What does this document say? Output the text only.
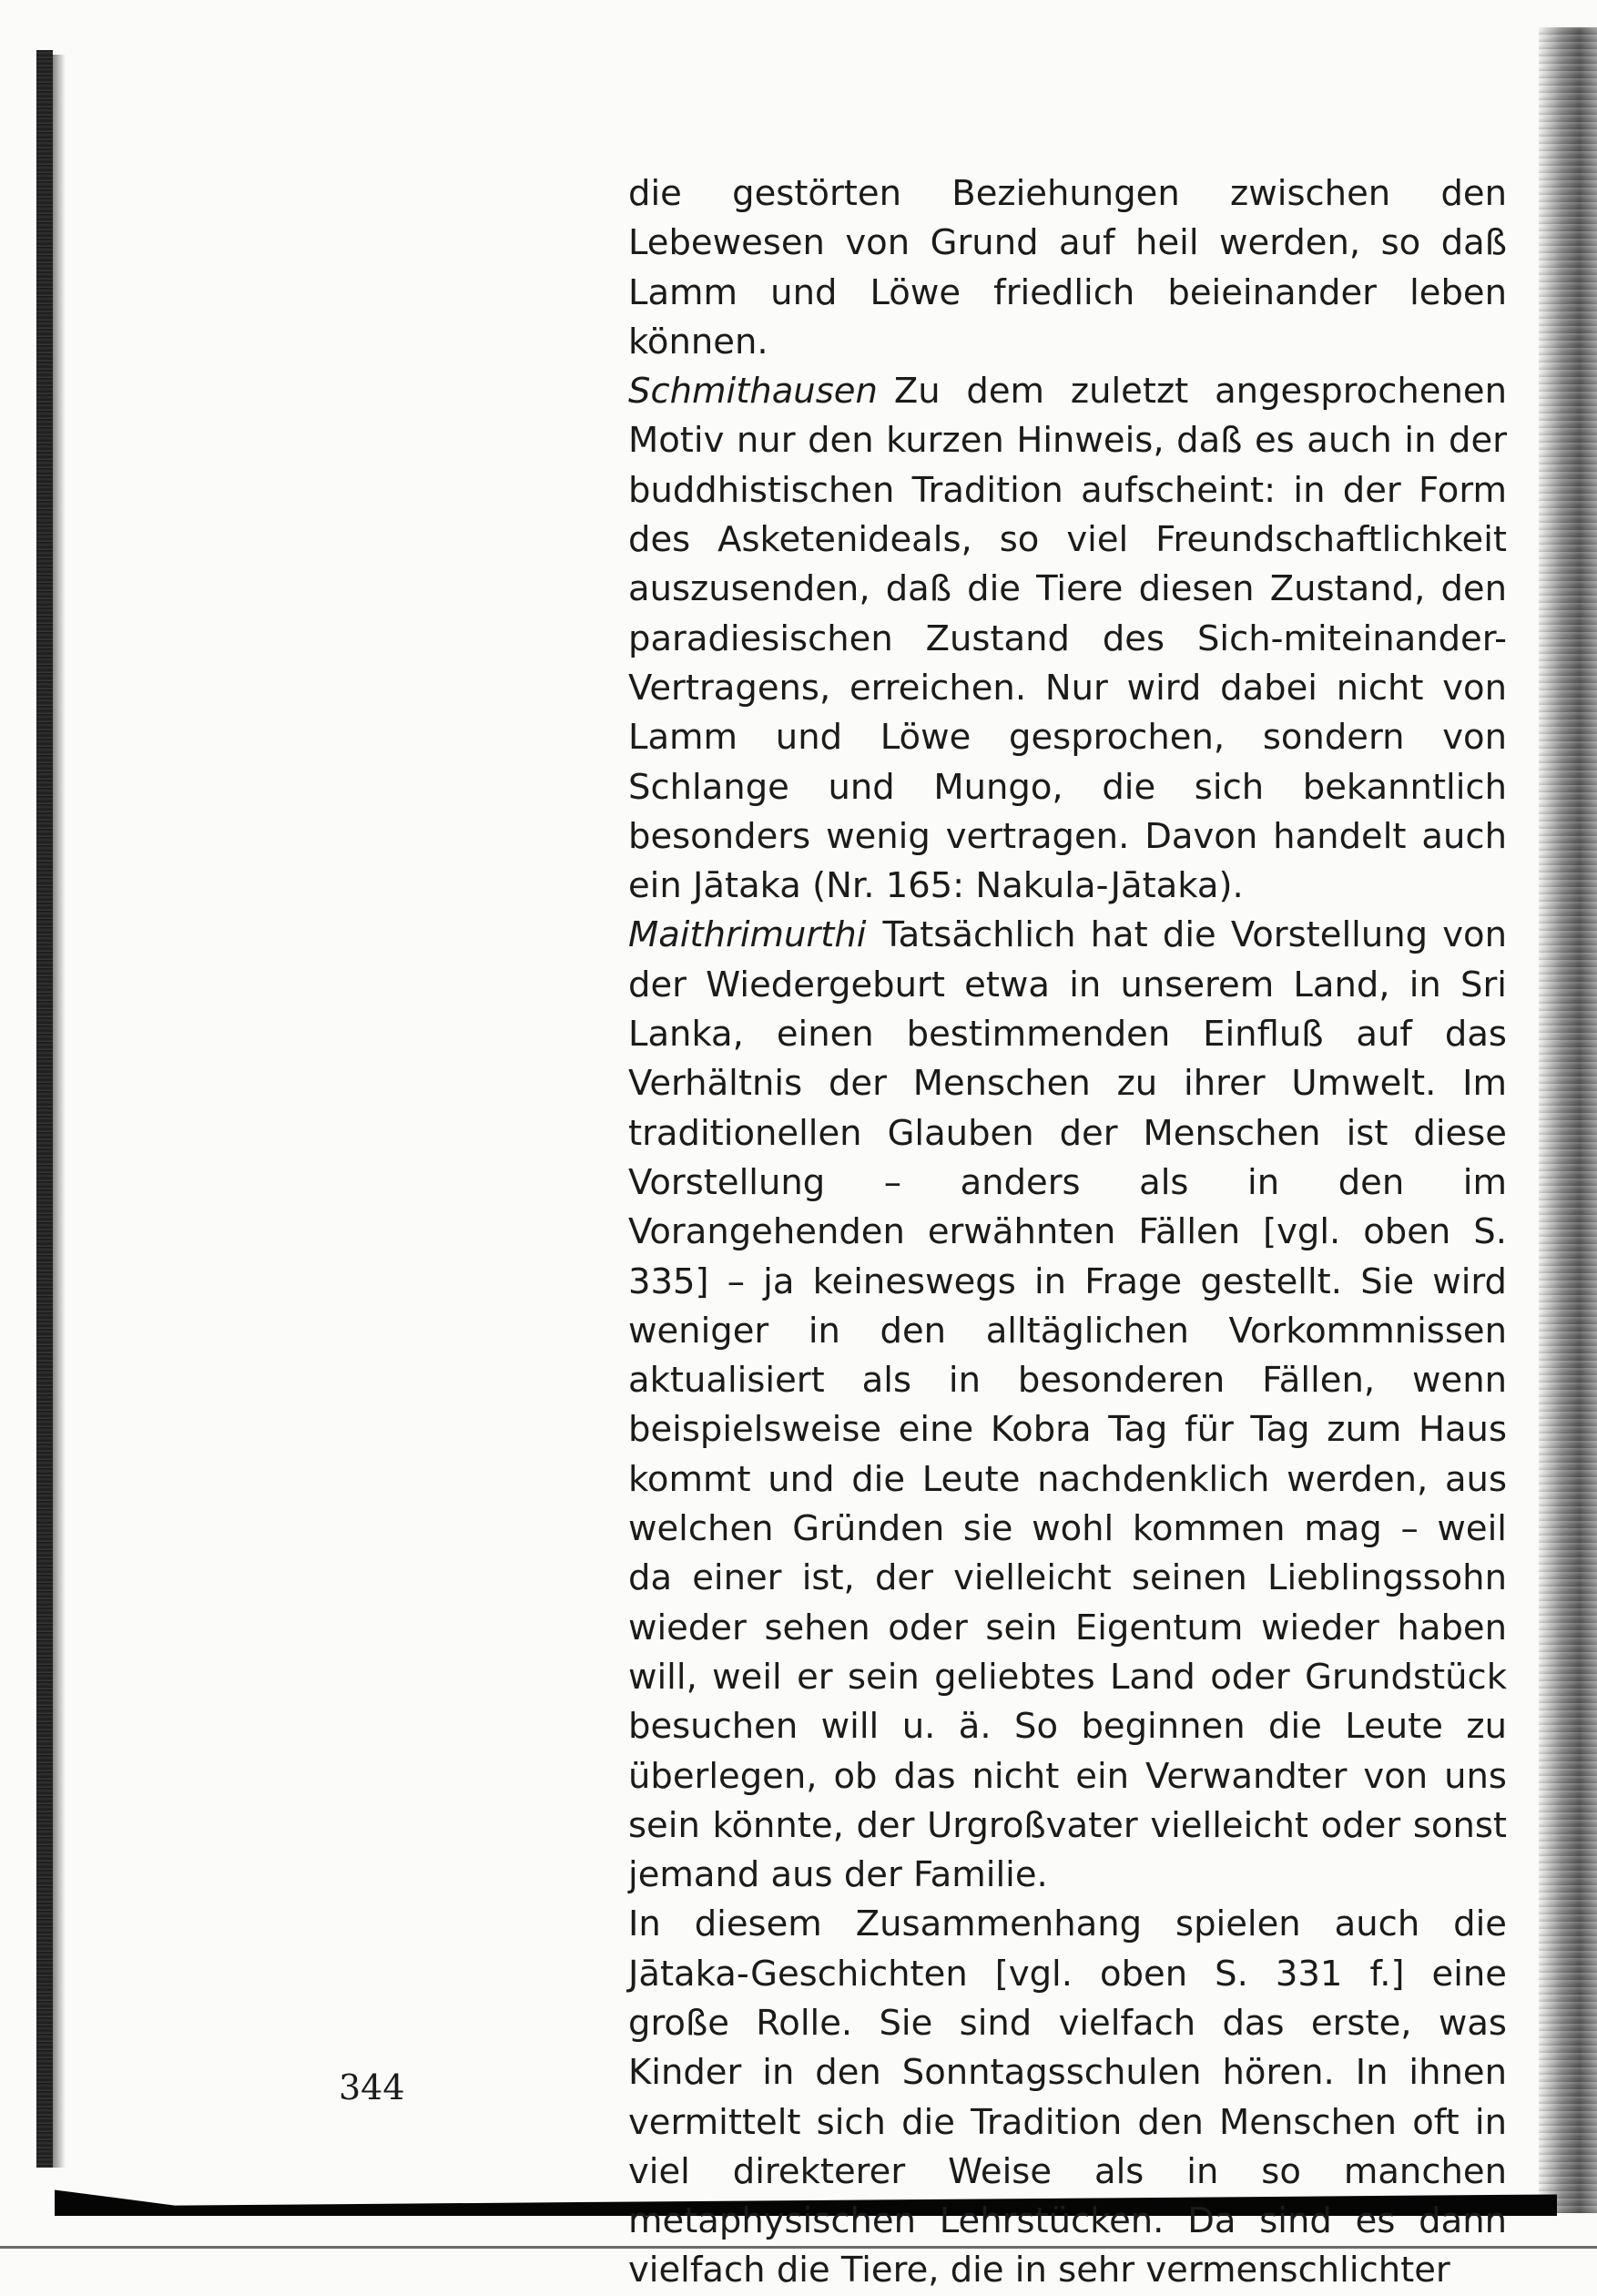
die gestörten Beziehungen zwischen den Lebewesen von Grund auf heil werden, so daß Lamm und Löwe friedlich beieinander leben können.

Schmithausen Zu dem zuletzt angesprochenen Motiv nur den kurzen Hinweis, daß es auch in der buddhistischen Tradition aufscheint: in der Form des Asketenideals, so viel Freundschaftlichkeit auszusenden, daß die Tiere diesen Zustand, den paradiesischen Zustand des Sich-miteinander-Vertragens, erreichen. Nur wird dabei nicht von Lamm und Löwe gesprochen, sondern von Schlange und Mungo, die sich bekanntlich besonders wenig vertragen. Davon handelt auch ein Jātaka (Nr. 165: Nakula-Jātaka).

Maithrimurthi Tatsächlich hat die Vorstellung von der Wiedergeburt etwa in unserem Land, in Sri Lanka, einen bestimmenden Einfluß auf das Verhältnis der Menschen zu ihrer Umwelt. Im traditionellen Glauben der Menschen ist diese Vorstellung – anders als in den im Vorangehenden erwähnten Fällen [vgl. oben S. 335] – ja keineswegs in Frage gestellt. Sie wird weniger in den alltäglichen Vorkommnissen aktualisiert als in besonderen Fällen, wenn beispielsweise eine Kobra Tag für Tag zum Haus kommt und die Leute nachdenklich werden, aus welchen Gründen sie wohl kommen mag – weil da einer ist, der vielleicht seinen Lieblingssohn wieder sehen oder sein Eigentum wieder haben will, weil er sein geliebtes Land oder Grundstück besuchen will u. ä. So beginnen die Leute zu überlegen, ob das nicht ein Verwandter von uns sein könnte, der Urgroßvater vielleicht oder sonst jemand aus der Familie.

In diesem Zusammenhang spielen auch die Jātaka-Geschichten [vgl. oben S. 331 f.] eine große Rolle. Sie sind vielfach das erste, was Kinder in den Sonntagsschulen hören. In ihnen vermittelt sich die Tradition den Menschen oft in viel direkterer Weise als in so manchen metaphysischen Lehrstücken. Da sind es dann vielfach die Tiere, die in sehr vermenschlichter

344
